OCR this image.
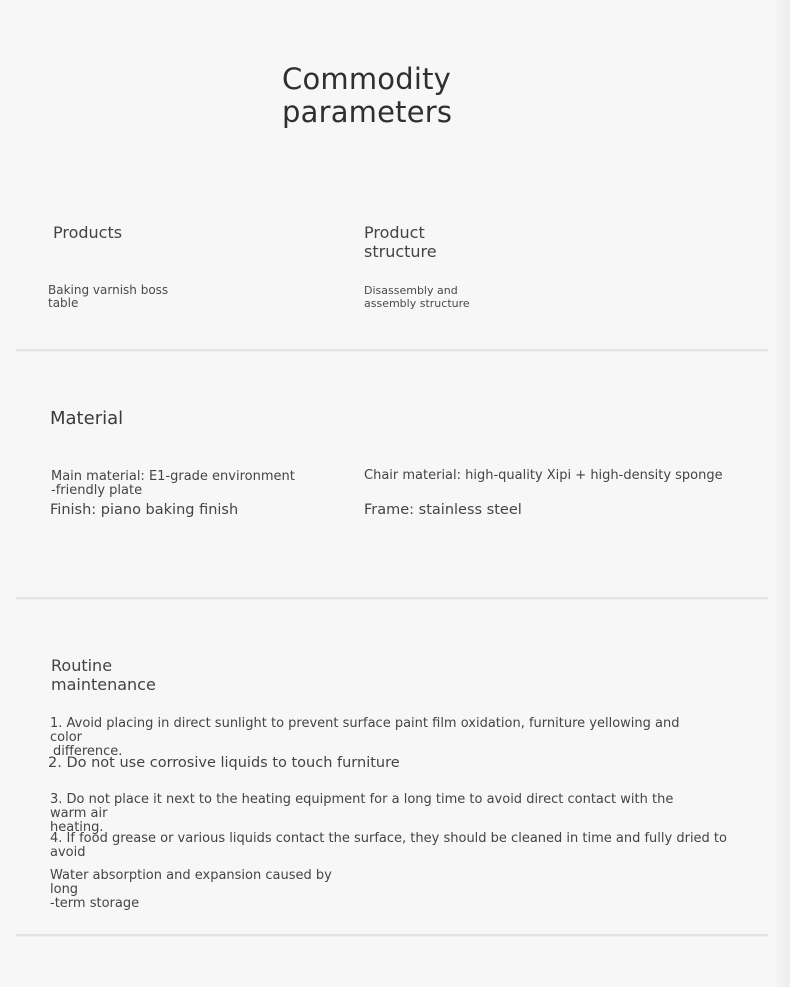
Commodity
parameters
Products	Product
structure
Baking varnish boss
table
Disassembly and
assembly structure
Material
Main material: E1-grade environment
-friendly plate
Chair material: high-quality Xipi + high-density sponge
Finish: piano baking finish	Frame: stainless steel
Routine
maintenance
1. Avoid placing in direct sunlight to prevent surface paint film oxidation, furniture yellowing and color
difference.
2. Do not use corrosive liquids to touch furniture
3. Do not place it next to the heating equipment for a long time to avoid direct contact with the warm air
heating.
4. If food grease or various liquids contact the surface, they should be cleaned in time and fully dried to avoid
Water absorption and expansion caused by long
-term storage
